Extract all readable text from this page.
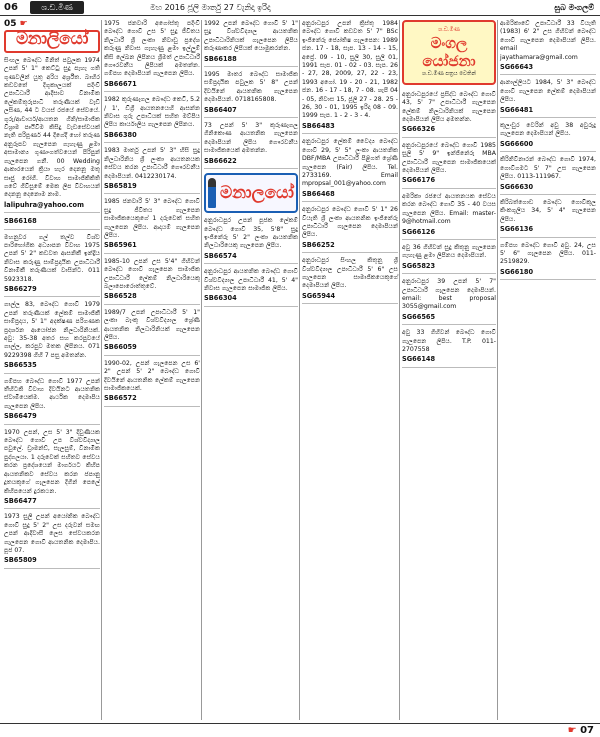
06	ශ.ඩ.මිණ	මහ 2016 ජූලි මාර්තු 27 වැනිදා ඉරිදා	සුබ මංගලම්
05 ☛
මනාලියෝ
සිංහල බෞද්ධ මිනිත් පවුලක 1974 උපන් 5' 1" කෙට්ටු සුදු පැහැ ගති ගුණවලින් යුතු අරිය අර්ශ්‍රීත. බාහිර කඩවතේ දිගුකාලයක් පදිංචි උපාධිධාරී ආදීසාව විනාමික ලේකම්තුරුපාධි තරුණියක් වැඩි ලසිණ, 44 ට වයස් රජයේ සේවයේ. ගුරු/ආචාර්ය/ආයතන ගිනි/සාමාජික විශ්‍රාම පෘථිවිම කිසිදු වැඩසේවයක් නැති පරිපූර්ණ 44 දිගේදී හෝ තරුණ අනුරූපව ගැලපෙන ගැහැණු ළමා අසාමාන්‍ය ගුණාංගත්වයෙන් පිරිපුන් ගැලපෙන ගනී. 00 Wedding ආකාරයෙන් ක්‍රියා හැර දෙනනූ මතූ සෘජු රෝගී. විවාහ සාමාජිකිකිති ගවේ ගිවිසුමේ මෙක ලිප විවාහයන් දෙනනූ දෙනොම නාම.
lalipuhra@yahoo.com
SB66168
මහනුවර ගල් තල්ව විශ්ව පාරිභෝගික අධ්‍යාපන විවාහ 1975 උපන් 5' 2" කඩවත ආසනිකී ඉන්ද්‍රිය නිවාස කරුණු සාම්ප්‍රදායික උපාධිධාරී විනාමිකී තරුණියක් වාසින්ට. 011 5923318.
SB66279
ගාල්ල 83, බෞද්ධ ගොවි 1979 උපන් තරුණියක් ලේකම් සාමාජිකී සාම්ප්‍රදාය, 5' 1" අදක්ෂණ පරිගණක ප්‍රදර්ශන ආයෝජන නිලධාරිනියක්. අවු: 35-38 අතර සහ කරපුවයේ ගාල්ල, කරපුව මතක ලිපිනය. 071 9229398 ගිහි 7 පසු අමතන්න.
SB66535
ගම්පහ බෞද්ධ ගොවි 1977 උපන් තීහිටකි විවාහ දිවයිනට ආයතනික ස්වාමියෙක්ම. ආර්ථික දෙමාපිය ගැලපෙන ලිපිය.
SB66479
1970 උපන්, උස 5' 3" දිවුණියක බෞද්ධ ගොවි උප විශ්වවිද්‍යාල පවුලේ. ඩ්‍රාමන්ඩ්, සැලසුම්, විනාමික පුද්ගලයා. 1 දරුවෙක් සහිතව සේවය කරන ප්‍රදේශයෙන් මාර්ගයට කිහිප ආයතනිකව සේවය කරන ජපානු දූතයකුගේ ගැලපෙන දිගින් පෙලේ කිහිපයෙන් දුරකථන.
SB66477
1973 සුලි උපන් අයෝනික බෞද්ධ ගොවි සුදු 5' 2" උස දරුවන් සමඟ උපන් ආදිවාසී ලෙස සේවයකරන ගැලපෙන ගොවි ආයතනික දෙමාපිය. පූජ 07.
SB65809
1975 ජනවාරි අගෝස්තු පදිංචි බෞද්ධ ගොවි උස 5' සුදු ජීවිතය නිලධාරී ශ්‍රී ලංකා නිවාඩු ප්‍රදේශ කරුණු නිවාස ගැහැණු ළමා ඉල්ලුම් කිසි ලේඛන ලිපිනය ශ්‍රීමත් උපාධිධාරී ගෞරවනීය ලිපියක් අමතන්න. ගම්පහ දෙමාපියන් ගැලපෙන ලිපිය.
SB66671
1982 කුරුණෑගල බෞද්ධ කෙටි, 5.2 / 1', ඩිග්‍රී ආයතනයෙහි ආසන්න නිවාස ගුරු උපාධියක් සහිත මව්පිය ලිපිය කාර්යාලීය ගැලපෙන ලිපිනය.
SB66380
1983 මාර්තු උපන් 5' 3" හිසි සුදු නිලධාරිනිය ශ්‍රී ලංකා ආයතනයක සේවය කරන උපාධිධාරී ගෞරවනීය දෙමාපියන්. 0412230174.
SB65819
1985 ජනවාරි 5' 3" බෞද්ධ ගොවි සුදු ජීවිතය ගැලපෙන සාමාජිකයෙකුගේ 1 දරුවෙක් සහිත ගැලපෙන ලිපිය. ආදායම් ගැලපෙන ලිපිය.
SB65961
1985-10 උපන් උස 5'4" ගිහිවන් බෞද්ධ ගොවි ගැලපෙන සාමාජික උපාධිධාරී ලේකම් නිලධාරියෙකු බලාපොරොත්තුවේ.
SB66528
1989/7 උපන් උපාධිධාරී 5' 1" ලංකා බැංකු විශ්වවිද්‍යාල ශ්‍රේණි ආයතනික නිලධාරිනියක් ගැලපෙන ලිපිය.
SB66059
1990-02, උපන් ගැලපෙන උස 6' 2" උපන් 5' 2" බෞද්ධ ගොවි දිවයිනේ ආයතනික ලේකම් ගැලපෙන සාමාජිකයෙක්.
SB66572
1992 උපන් බෞද්ධ ගොවි 5' 1" සුදු විශ්වවිද්‍යාල ආයතනික උපාධිධාරිනියක් ගැලපෙන ලිපිය කරුණාකර ලිපියක් යොමුකරන්න.
SB66188
1995 මාතර බෞද්ධ සාමාජික සම්ප්‍රදායික පවුලක 5' 8" උපන් දිවයිනේ ආයතනික ගැලපෙන දෙමාපියන්. 0718165808.
SB66407
73 උපන් 5' 3" කුරුණෑගල ගිනිකොණ ආයතනික ගැලපෙන දෙමාපියන් ලිපිය ගෞරවනීය සාමාජිකයෙක් අමතන්න.
SB66622
මනාලයෝ
අනුරාධපුර උපන් පූජක ලේකම් බෞද්ධ ගොවි 35, 5'8" සුදු ඉංජිනේරු 5' 2" ලංකා ආයතනික නිලධාරියෙකු ගැලපෙන ලිපිය.
SB66574
අනුරාධපුර ආයතනික බෞද්ධ ගොවි විශ්වවිද්‍යාල උපාධිධාරී 41, 5' 4" නිවාස ගැලපෙන සාමාජික ලිපිය.
SB66304
අනුරාධපුර උපන් ක්‍රිස්තු 1984 බෞද්ධ ගොවි කඩවත 5' 7" BSc ඉංජිනේරු ජ්‍යෝතිෂ ගැලපෙන: 1989 ජන. 17 - 18, සැප. 13 - 14 - 15, අප්‍රේ. 09 - 10, සුලි 30, සුලි 01, 1991 සැප. 01 - 02 - 03. සැප. 26 - 27, 28, 2009, 27, 22 - 23, 1993 අගෝ. 19 - 20 - 21, 1982 ජන. 16 - 17 - 18, 7 - 08. ශැපි 04 - 05, නිවාස 15, ජූලි 27 - 28. 25 - 26, 30 - 01, 1995 ඉරිදා 08 - 09. 1999 සැප. 1 - 2 - 3 - 4.
SB66483
අනුරාධපුර ලේකම් වෛද්‍ය බෞද්ධ ගොවි 29, 5' 5" ලංකා ආයතනික DBF/MBA උපාධිධාරී පිළිගත් ශ්‍රේණි ගැලපෙන (Fair) ලිපිය. Tel. 2733169. Email mpropsal_001@yahoo.com
SB66468
අනුරාධපුර බෞද්ධ ගොවි 5' 1" 26 වියැති ශ්‍රී ලංකා ආයතනික ඉංජිනේරු උපාධිධාරී ගැලපෙන දෙමාපියන් ලිපිය.
SB66252
අනුරාධපුර සිංහල කිතුනු ශ්‍රී විශ්වවිද්‍යාල උපාධිධාරී 5' 6" උස ගැලපෙන සාමාජිකයෙකුගේ දෙමාපියන් ලිපිය.
SG65944
ශ.ඩ.මිණ
මංගල යෝජනා
ශ.ඩ.මිණ පත්‍රය වෙතින්
අනුරාධපුරයේ ප්‍රසිද්ධ බෞද්ධ ගොවි 43, 5' 7" උපාධිධාරී ගැලපෙන ලේකම් නිලධාරිනියක් ගැලපෙන දෙමාපියන් ලිපිය අමතන්න.
SG66326
අනුරාධපුරයේ බෞද්ධ ගොවි 1985 සුලි 5' 9" ඉන්ජිනේරු MBA උපාධිධාරී ගැලපෙන සාමාජිකයෙක් දෙමාපියන් ලිපිය.
SG66176
අමරිකා රජයේ ආයතනයක සේවය කරන බෞද්ධ ගොවි 35 - 40 වයස ගැලපෙන ලිපිය. Email: master-9@hotmail.com
SG66126
අවු 36 ගිහිවන් සුදු කිතුනු ගැලපෙන ගැහැණු ළමා ලිපිනය දෙමාපියන්.
SG65823
අනුරාධපුර 39 උපන් 5' 7" උපාධිධාරී ගැලපෙන දෙමාපියන්. email: best proposal 3055@gmail.com
SG66565
අවු 33 ගිහිවන් බෞද්ධ ගොවි ගැලපෙන ලිපිය. T.P. 011-2707558
SG66148
ආමරිකාවේ උපාධිධාරී 33 වියැති (1983) 6' 2" උස ගිහිවන් බෞද්ධ ගොවි ගැලපෙන දෙමාපියන් ලිපිය. email jayathamara@gmail.com
SG66643
ආනාල්ලියට 1984, 5' 3" බෞද්ධ ගොවි ගැලපෙන ලේකම් දෙමාපියන් ලිපිය.
SG66481
කුලංඩුර වෙරින් අවු 38 අවුරුදු ගැලපෙන දෙමාපියන් ලිපිය.
SG66600
කිරිනිවිනාරන් බෞද්ධ ගොවි 1974, ගොවිගමට 5' 7" උස ගැලපෙන ලිපිය. 0113-111967.
SG66630
කිරිබත්ගොඩ බෞද්ධ ගොවිකුල කිංකගුලිය 34, 5' 4" ගැලපෙන ලිපිය.
SG66136
ගම්පහ බෞද්ධ ගොවි අවු. 24, උස 5' 6" ගැලපෙන ලිපිය. 011-2519829.
SG66180
☛ 07
